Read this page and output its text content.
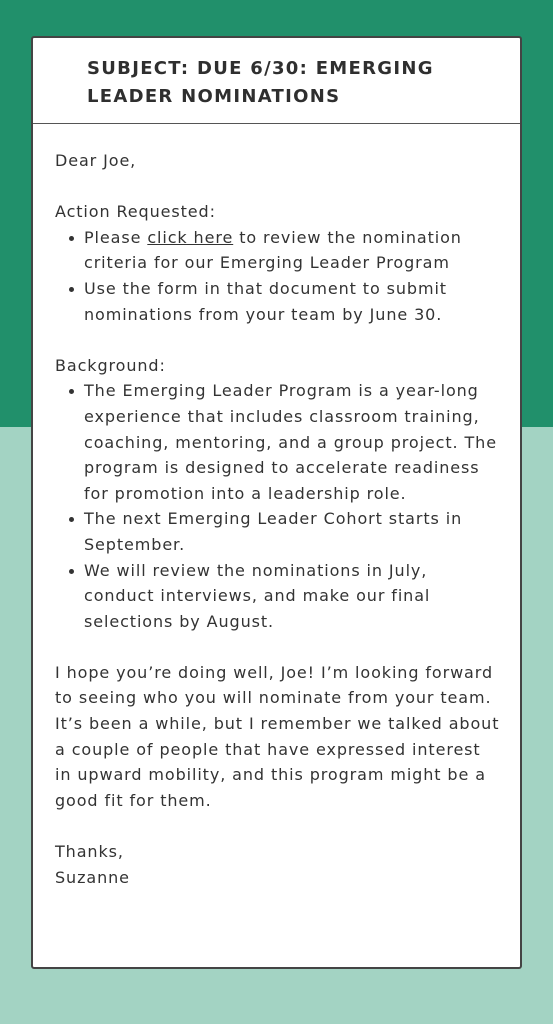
SUBJECT: DUE 6/30: EMERGING LEADER NOMINATIONS

Dear Joe,

Action Requested:

Please click here to review the nomination criteria for our Emerging Leader Program
Use the form in that document to submit nominations from your team by June 30.

Background:

The Emerging Leader Program is a year-long experience that includes classroom training, coaching, mentoring, and a group project. The program is designed to accelerate readiness for promotion into a leadership role.
The next Emerging Leader Cohort starts in September.
We will review the nominations in July, conduct interviews, and make our final selections by August.

I hope you’re doing well, Joe! I’m looking forward to seeing who you will nominate from your team. It’s been a while, but I remember we talked about a couple of people that have expressed interest in upward mobility, and this program might be a good fit for them.

Thanks,

Suzanne
